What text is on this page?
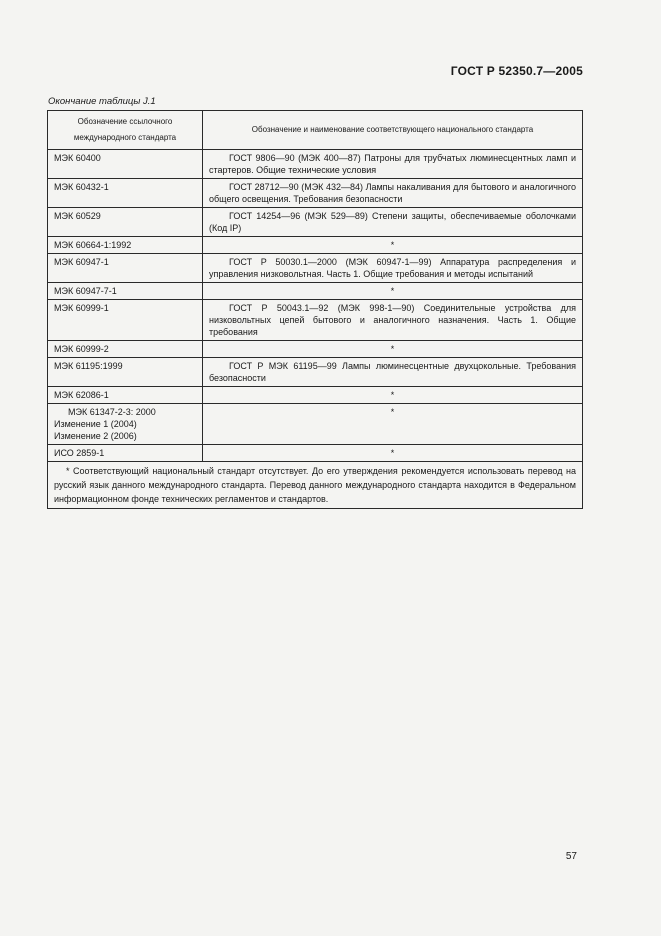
ГОСТ Р 52350.7—2005
Окончание таблицы J.1
Обозначение ссылочного международного стандарта	Обозначение и наименование соответствующего национального стандарта
МЭК 60400	ГОСТ 9806—90 (МЭК 400—87) Патроны для трубчатых люминесцентных ламп и стартеров. Общие технические условия
МЭК 60432-1	ГОСТ 28712—90 (МЭК 432—84) Лампы накаливания для бытового и аналогичного общего освещения. Требования безопасности
МЭК 60529	ГОСТ 14254—96 (МЭК 529—89) Степени защиты, обеспечиваемые оболочками (Код IP)
МЭК 60664-1:1992	*
МЭК 60947-1	ГОСТ Р 50030.1—2000 (МЭК 60947-1—99) Аппаратура распределения и управления низковольтная. Часть 1. Общие требования и методы испытаний
МЭК 60947-7-1	*
МЭК 60999-1	ГОСТ Р 50043.1—92 (МЭК 998-1—90) Соединительные устройства для низковольтных цепей бытового и аналогичного назначения. Часть 1. Общие требования
МЭК 60999-2	*
МЭК 61195:1999	ГОСТ Р МЭК 61195—99 Лампы люминесцентные двухцокольные. Требования безопасности
МЭК 62086-1	*

МЭК 61347-2-3: 2000
Изменение 1 (2004)
Изменение 2 (2006)	*
ИСО 2859-1	*
* Соответствующий национальный стандарт отсутствует. До его утверждения рекомендуется использовать перевод на русский язык данного международного стандарта. Перевод данного международного стандарта находится в Федеральном информационном фонде технических регламентов и стандартов.	
57
